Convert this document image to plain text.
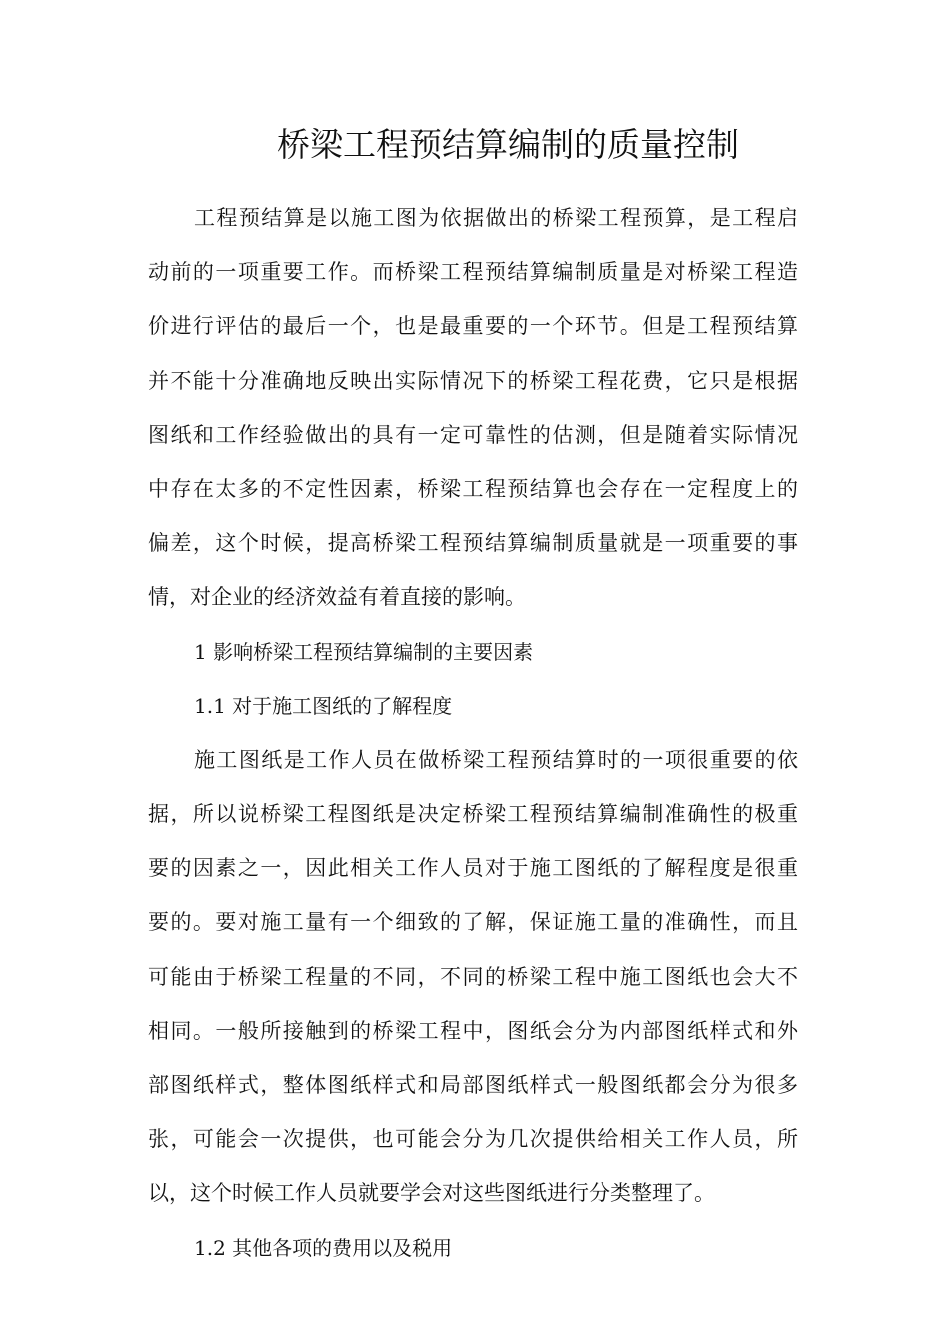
桥梁工程预结算编制的质量控制
工程预结算是以施工图为依据做出的桥梁工程预算，是工程启
动前的一项重要工作。而桥梁工程预结算编制质量是对桥梁工程造
价进行评估的最后一个，也是最重要的一个环节。但是工程预结算
并不能十分准确地反映出实际情况下的桥梁工程花费，它只是根据
图纸和工作经验做出的具有一定可靠性的估测，但是随着实际情况
中存在太多的不定性因素，桥梁工程预结算也会存在一定程度上的
偏差，这个时候，提高桥梁工程预结算编制质量就是一项重要的事
情，对企业的经济效益有着直接的影响。
1 影响桥梁工程预结算编制的主要因素
1.1 对于施工图纸的了解程度
施工图纸是工作人员在做桥梁工程预结算时的一项很重要的依
据，所以说桥梁工程图纸是决定桥梁工程预结算编制准确性的极重
要的因素之一，因此相关工作人员对于施工图纸的了解程度是很重
要的。要对施工量有一个细致的了解，保证施工量的准确性，而且
可能由于桥梁工程量的不同，不同的桥梁工程中施工图纸也会大不
相同。一般所接触到的桥梁工程中，图纸会分为内部图纸样式和外
部图纸样式，整体图纸样式和局部图纸样式一般图纸都会分为很多
张，可能会一次提供，也可能会分为几次提供给相关工作人员，所
以，这个时候工作人员就要学会对这些图纸进行分类整理了。
1.2 其他各项的费用以及税用
